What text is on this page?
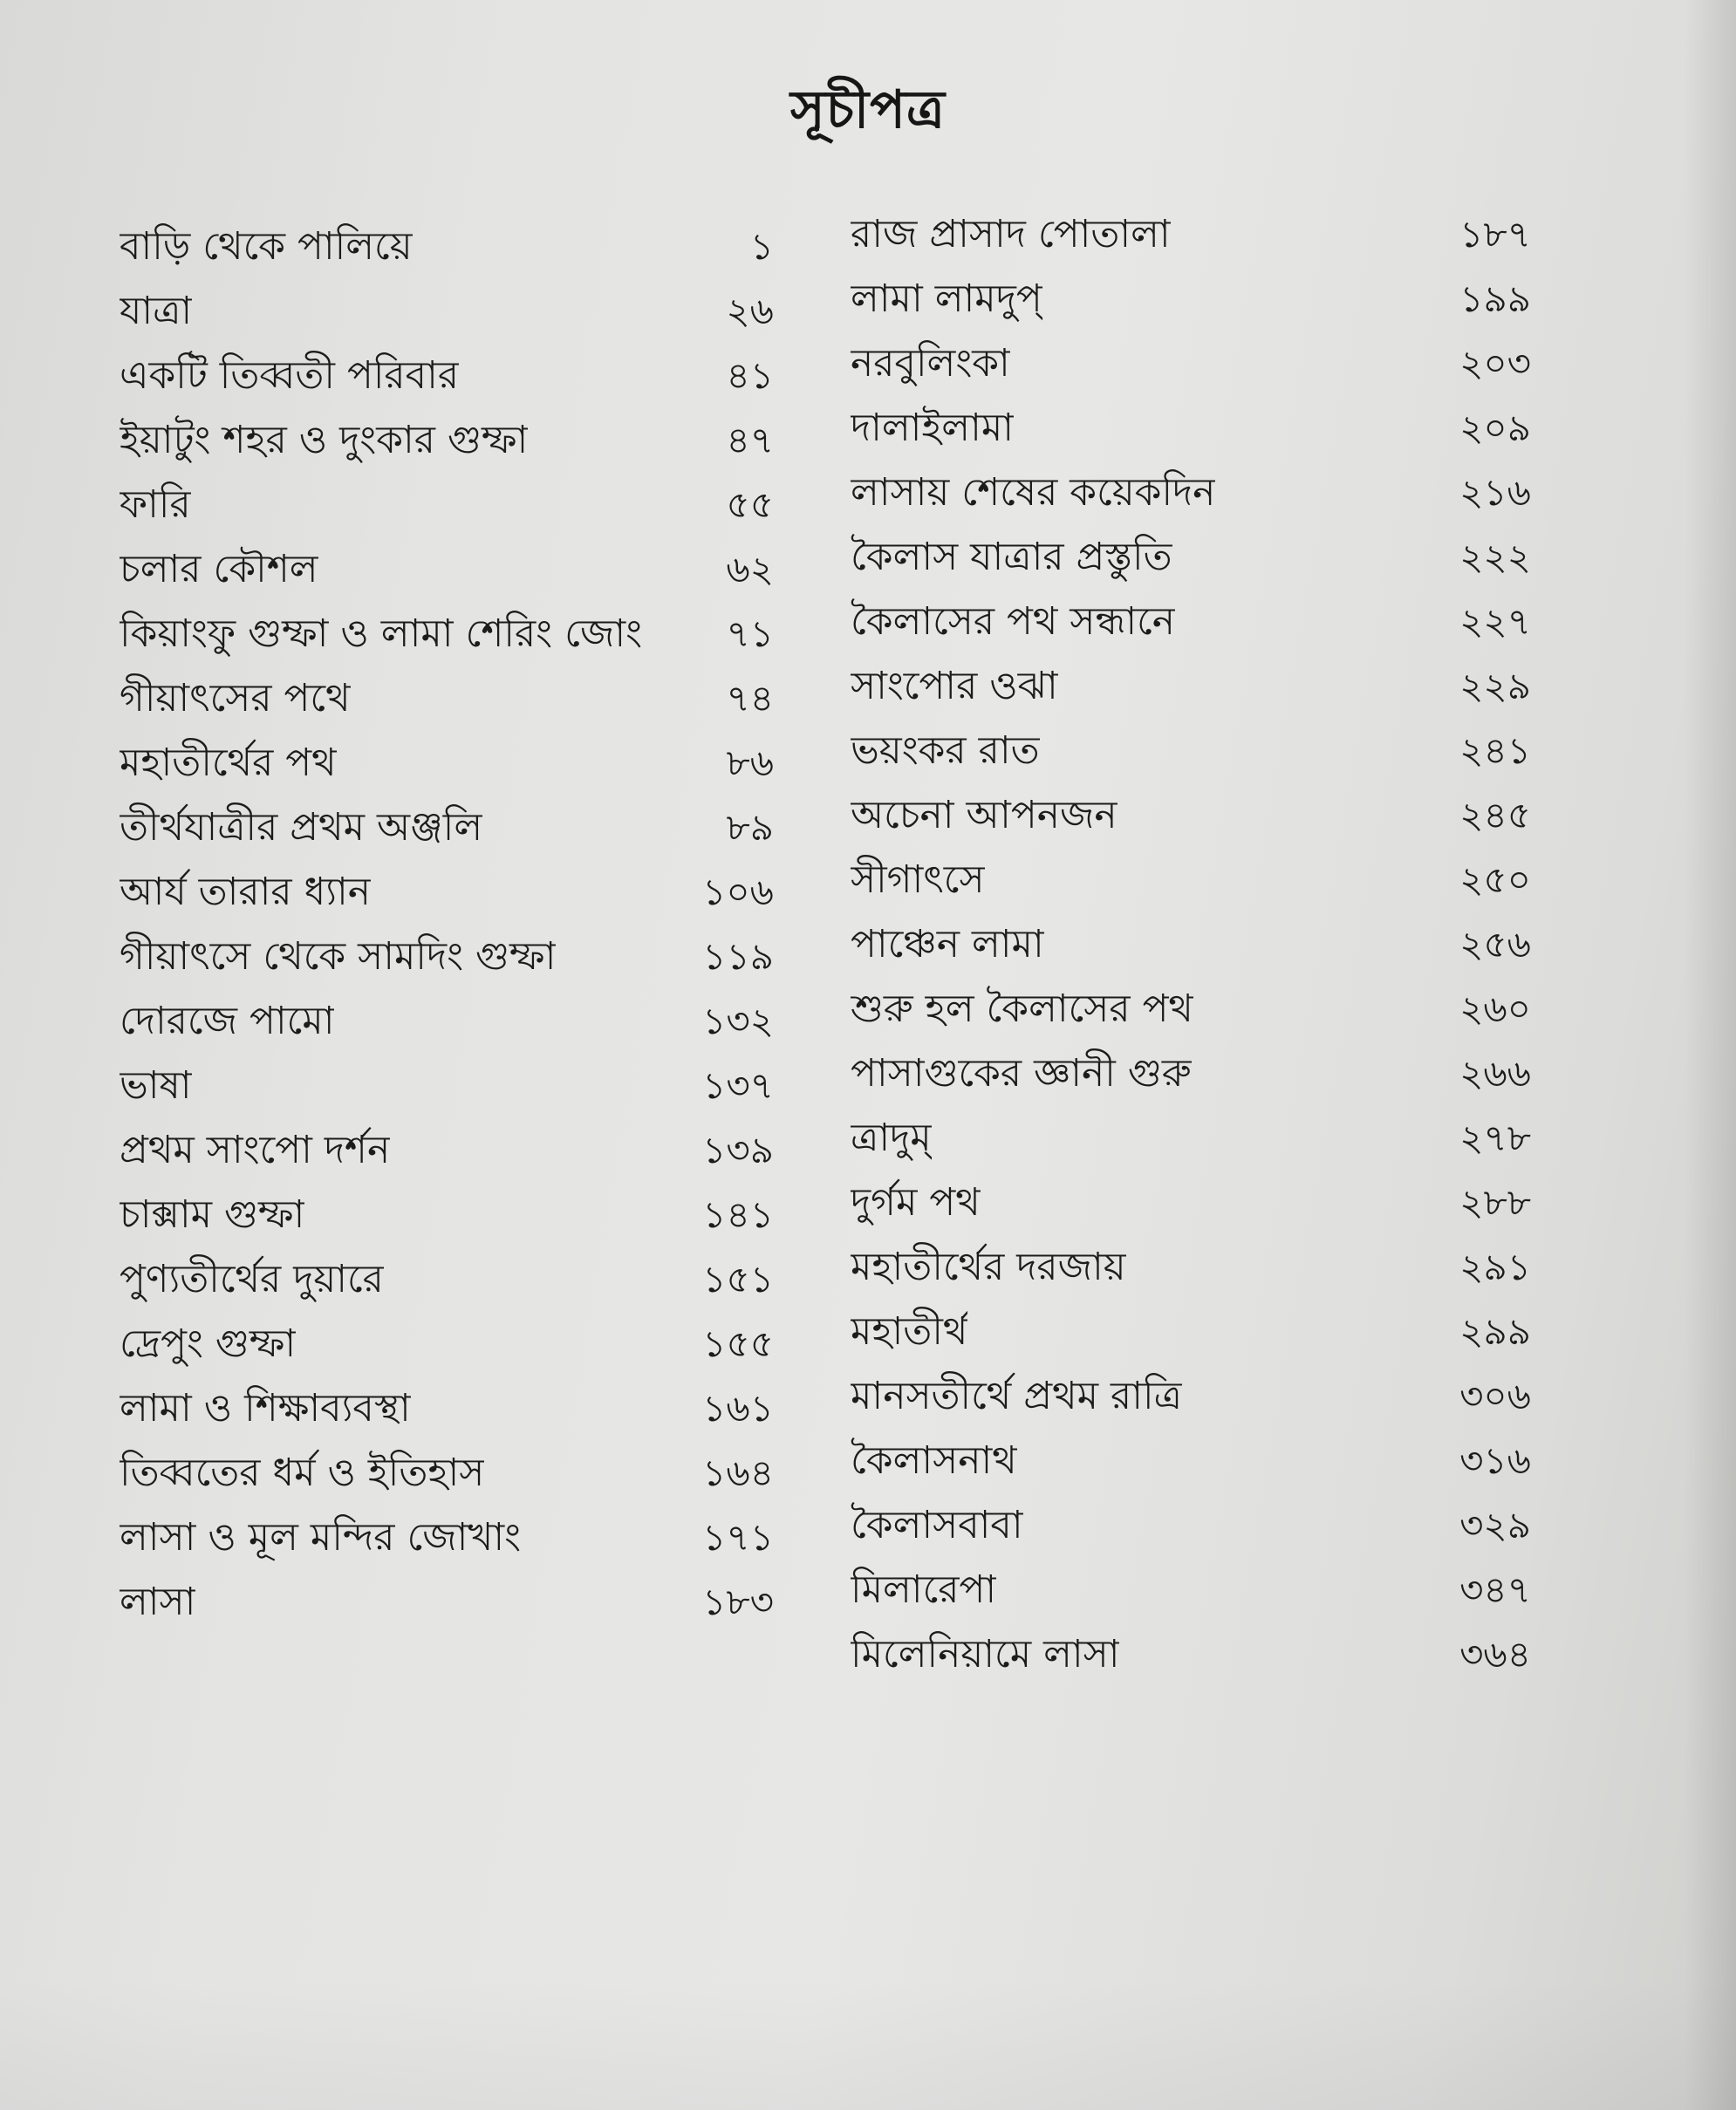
সূচীপত্র
বাড়ি থেকে পালিয়ে	১
যাত্রা	২৬
একটি তিব্বতী পরিবার	৪১
ইয়াটুং শহর ও দুংকার গুম্ফা	৪৭
ফারি	৫৫
চলার কৌশল	৬২
কিয়াংফু গুম্ফা ও লামা শেরিং জোং	৭১
গীয়াৎসের পথে	৭৪
মহাতীর্থের পথ	৮৬
তীর্থযাত্রীর প্রথম অঞ্জলি	৮৯
আর্য তারার ধ্যান	১০৬
গীয়াৎসে থেকে সামদিং গুম্ফা	১১৯
দোরজে পামো	১৩২
ভাষা	১৩৭
প্রথম সাংপো দর্শন	১৩৯
চাক্সাম গুম্ফা	১৪১
পুণ্যতীর্থের দুয়ারে	১৫১
দ্রেপুং গুম্ফা	১৫৫
লামা ও শিক্ষাব্যবস্থা	১৬১
তিব্বতের ধর্ম ও ইতিহাস	১৬৪
লাসা ও মূল মন্দির জোখাং	১৭১
লাসা	১৮৩
রাজ প্রাসাদ পোতালা	১৮৭
লামা লামদুপ্	১৯৯
নরবুলিংকা	২০৩
দালাইলামা	২০৯
লাসায় শেষের কয়েকদিন	২১৬
কৈলাস যাত্রার প্রস্তুতি	২২২
কৈলাসের পথ সন্ধানে	২২৭
সাংপোর ওঝা	২২৯
ভয়ংকর রাত	২৪১
অচেনা আপনজন	২৪৫
সীগাৎসে	২৫০
পাঞ্চেন লামা	২৫৬
শুরু হল কৈলাসের পথ	২৬০
পাসাগুকের জ্ঞানী গুরু	২৬৬
ত্রাদুম্	২৭৮
দুর্গম পথ	২৮৮
মহাতীর্থের দরজায়	২৯১
মহাতীর্থ	২৯৯
মানসতীর্থে প্রথম রাত্রি	৩০৬
কৈলাসনাথ	৩১৬
কৈলাসবাবা	৩২৯
মিলারেপা	৩৪৭
মিলেনিয়ামে লাসা	৩৬৪
